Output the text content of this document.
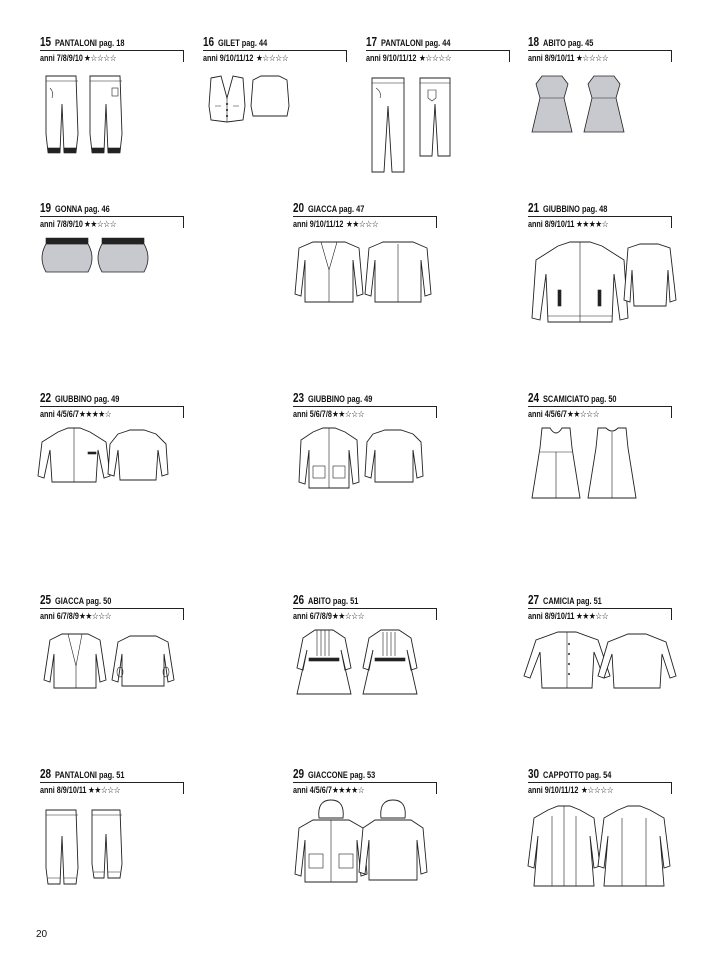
15 PANTALONI pag. 18
anni 7/8/9/10★☆☆☆☆
16 GILET pag. 44
anni 9/10/11/12 ★☆☆☆☆
17 PANTALONI pag. 44
anni 9/10/11/12 ★☆☆☆☆
18 ABITO pag. 45
anni 8/9/10/11 ★☆☆☆☆
19 GONNA pag. 46
anni 7/8/9/10★★☆☆☆
20 GIACCA pag. 47
anni 9/10/11/12 ★★☆☆☆
21 GIUBBINO pag. 48
anni 8/9/10/11 ★★★★☆
22 GIUBBINO pag. 49
anni 4/5/6/7★★★★☆
23 GIUBBINO pag. 49
anni 5/6/7/8★★☆☆☆
24 SCAMICIATO pag. 50
anni 4/5/6/7★★☆☆☆
25 GIACCA pag. 50
anni 6/7/8/9★★☆☆☆
26 ABITO pag. 51
anni 6/7/8/9★★☆☆☆
27 CAMICIA pag. 51
anni 8/9/10/11 ★★★☆☆
28 PANTALONI pag. 51
anni 8/9/10/11 ★★☆☆☆
29 GIACCONE pag. 53
anni 4/5/6/7★★★★☆
30 CAPPOTTO pag. 54
anni 9/10/11/12 ★☆☆☆☆
20
